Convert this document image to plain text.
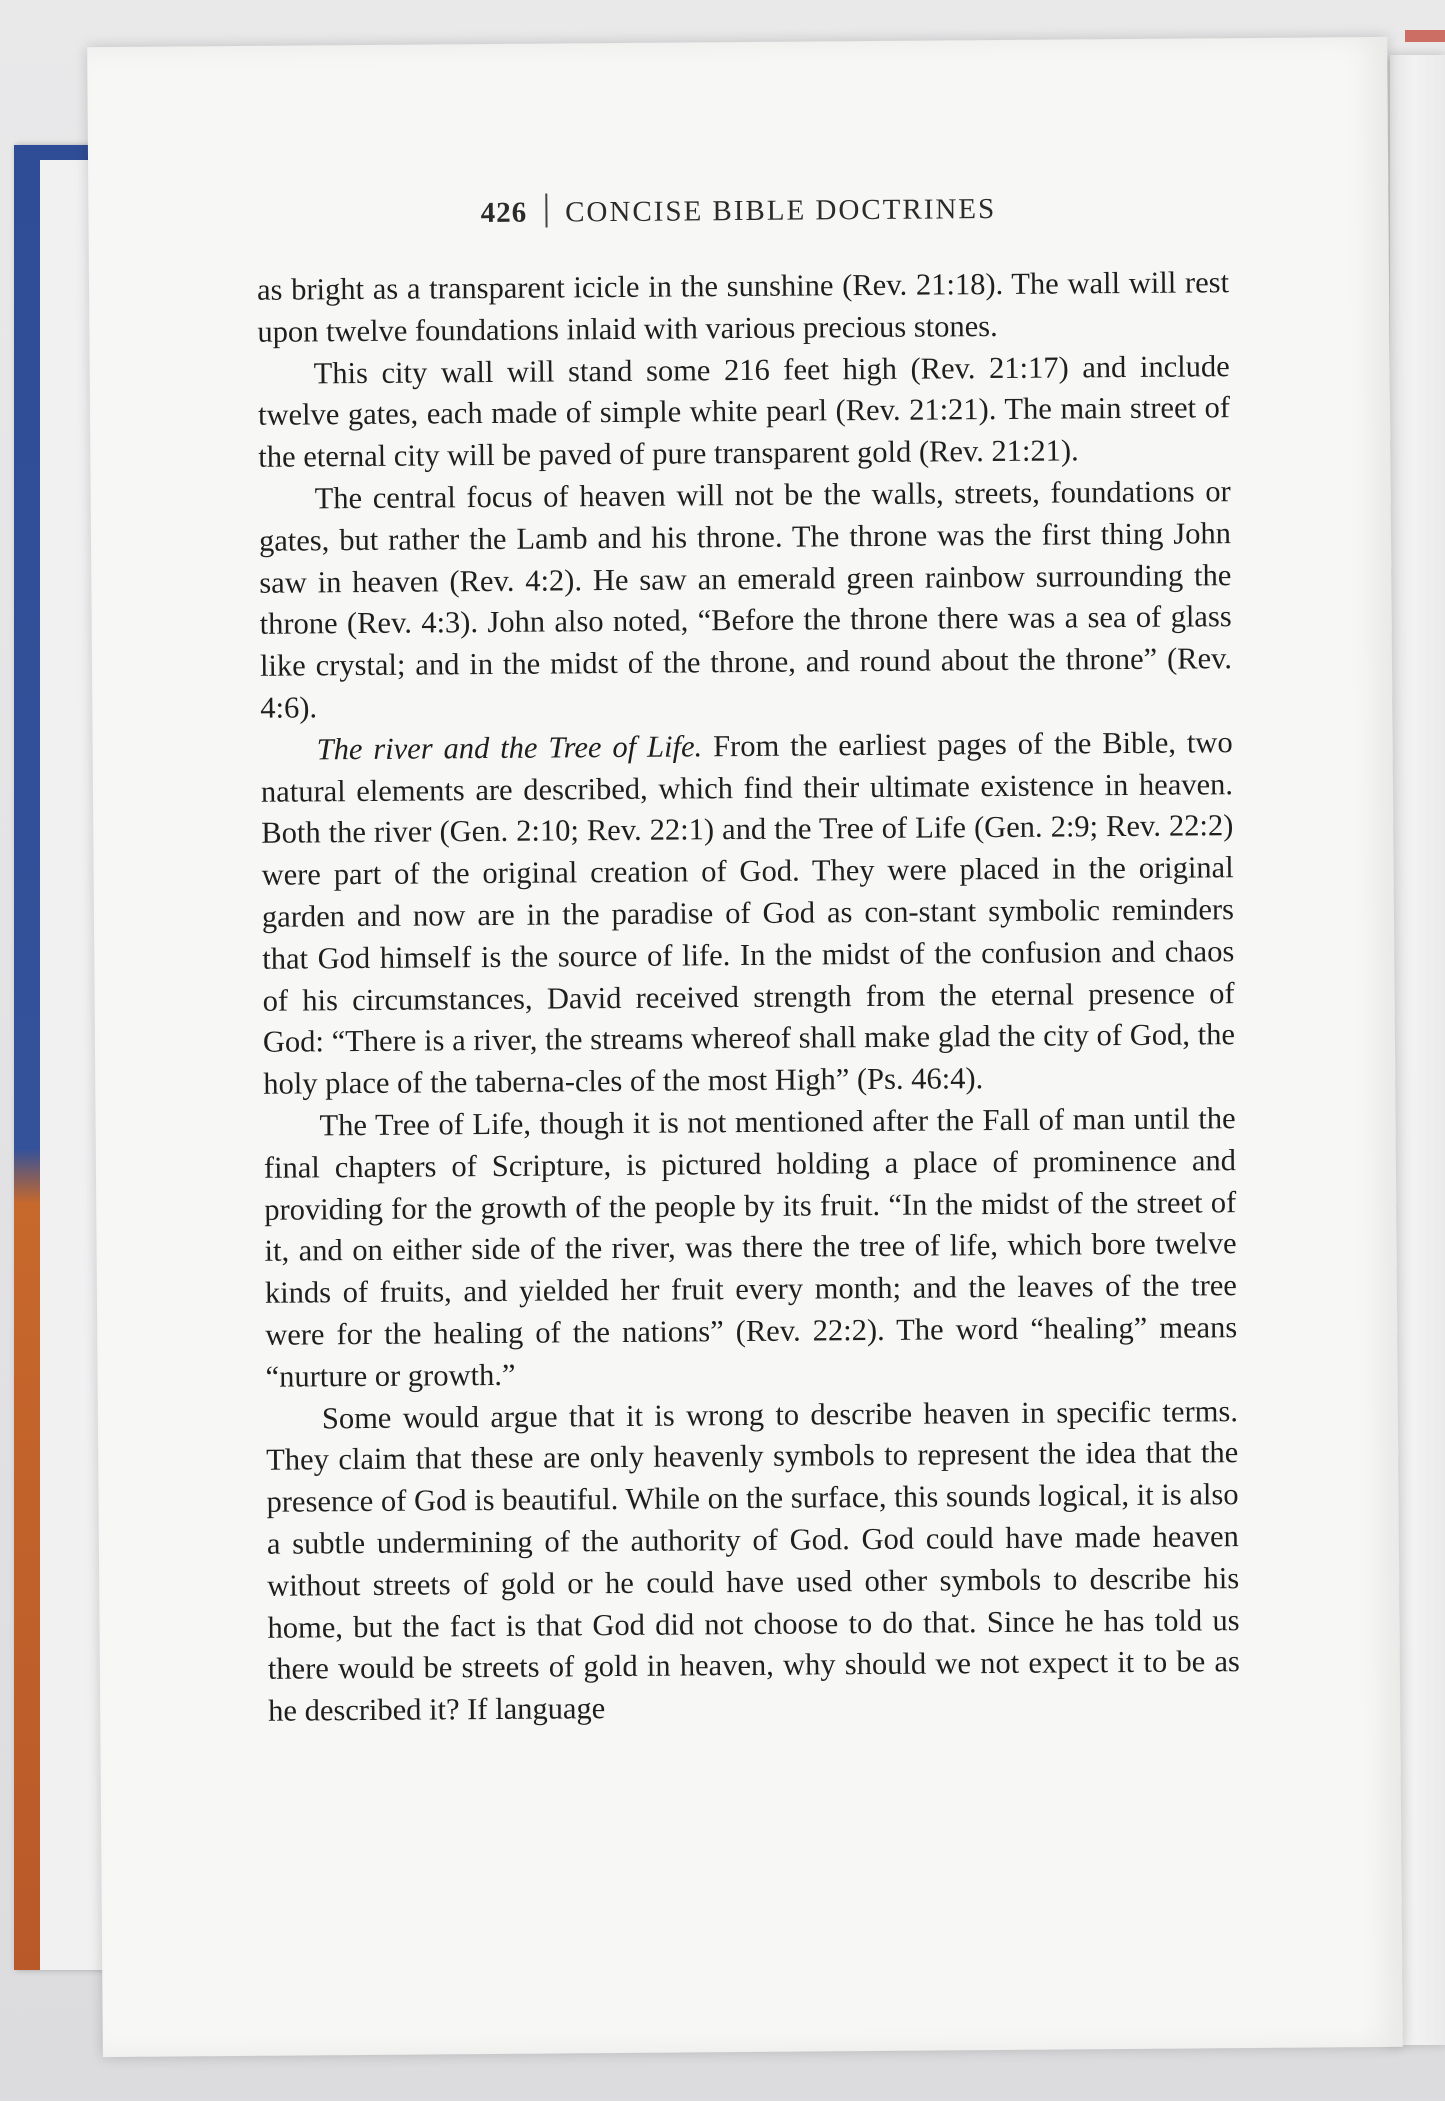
426 CONCISE BIBLE DOCTRINES

as bright as a transparent icicle in the sunshine (Rev. 21:18). The wall will rest upon twelve foundations inlaid with various precious stones.

This city wall will stand some 216 feet high (Rev. 21:17) and include twelve gates, each made of simple white pearl (Rev. 21:21). The main street of the eternal city will be paved of pure transparent gold (Rev. 21:21).

The central focus of heaven will not be the walls, streets, foundations or gates, but rather the Lamb and his throne. The throne was the first thing John saw in heaven (Rev. 4:2). He saw an emerald green rainbow surrounding the throne (Rev. 4:3). John also noted, “Before the throne there was a sea of glass like crystal; and in the midst of the throne, and round about the throne” (Rev. 4:6).

The river and the Tree of Life. From the earliest pages of the Bible, two natural elements are described, which find their ultimate existence in heaven. Both the river (Gen. 2:10; Rev. 22:1) and the Tree of Life (Gen. 2:9; Rev. 22:2) were part of the original creation of God. They were placed in the original garden and now are in the paradise of God as con-stant symbolic reminders that God himself is the source of life. In the midst of the confusion and chaos of his circumstances, David received strength from the eternal presence of God: “There is a river, the streams whereof shall make glad the city of God, the holy place of the taberna-cles of the most High” (Ps. 46:4).

The Tree of Life, though it is not mentioned after the Fall of man until the final chapters of Scripture, is pictured holding a place of prominence and providing for the growth of the people by its fruit. “In the midst of the street of it, and on either side of the river, was there the tree of life, which bore twelve kinds of fruits, and yielded her fruit every month; and the leaves of the tree were for the healing of the nations” (Rev. 22:2). The word “healing” means “nurture or growth.”

Some would argue that it is wrong to describe heaven in specific terms. They claim that these are only heavenly symbols to represent the idea that the presence of God is beautiful. While on the surface, this sounds logical, it is also a subtle undermining of the authority of God. God could have made heaven without streets of gold or he could have used other symbols to describe his home, but the fact is that God did not choose to do that. Since he has told us there would be streets of gold in heaven, why should we not expect it to be as he described it? If language
